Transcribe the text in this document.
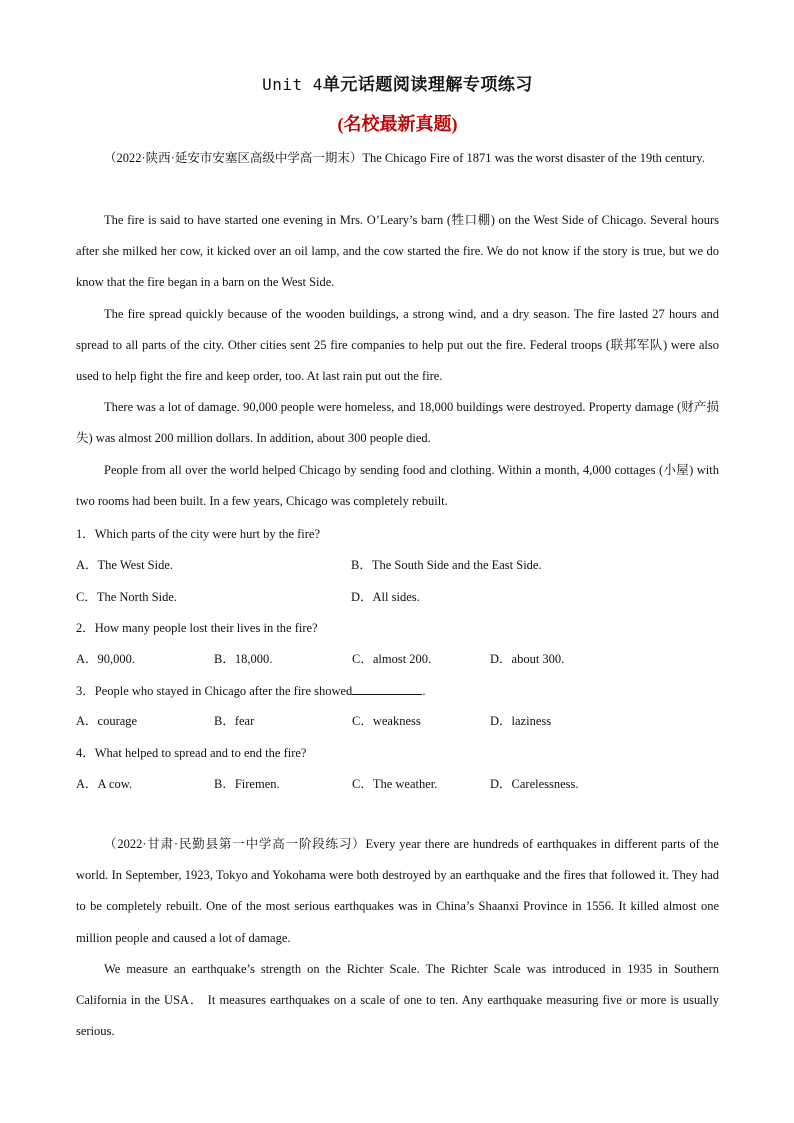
Unit 4单元话题阅读理解专项练习
(名校最新真题)

（2022·陕西·延安市安塞区高级中学高一期末）The Chicago Fire of 1871 was the worst disaster of the 19th century.

The fire is said to have started one evening in Mrs. O’Leary’s barn (牲口棚) on the West Side of Chicago. Several hours after she milked her cow, it kicked over an oil lamp, and the cow started the fire. We do not know if the story is true, but we do know that the fire began in a barn on the West Side.

The fire spread quickly because of the wooden buildings, a strong wind, and a dry season. The fire lasted 27 hours and spread to all parts of the city. Other cities sent 25 fire companies to help put out the fire. Federal troops (联邦军队) were also used to help fight the fire and keep order, too. At last rain put out the fire.

There was a lot of damage. 90,000 people were homeless, and 18,000 buildings were destroyed. Property damage (财产损失) was almost 200 million dollars. In addition, about 300 people died.

People from all over the world helped Chicago by sending food and clothing. Within a month, 4,000 cottages (小屋) with two rooms had been built. In a few years, Chicago was completely rebuilt.

1．Which parts of the city were hurt by the fire?
A．The West Side.	B．The South Side and the East Side.
C．The North Side.	D．All sides.
2．How many people lost their lives in the fire?
A．90,000.	B．18,000.	C．almost 200.	D．about 300.
3．People who stayed in Chicago after the fire showed	.
A．courage	B．fear	C．weakness	D．laziness
4．What helped to spread and to end the fire?
A．A cow.	B．Firemen.	C．The weather.	D．Carelessness.

（2022·甘肃·民勤县第一中学高一阶段练习）Every year there are hundreds of earthquakes in different parts of the world. In September, 1923, Tokyo and Yokohama were both destroyed by an earthquake and the fires that followed it. They had to be completely rebuilt. One of the most serious earthquakes was in China’s Shaanxi Province in 1556. It killed almost one million people and caused a lot of damage.

We measure an earthquake’s strength on the Richter Scale. The Richter Scale was introduced in 1935 in Southern California in the USA． It measures earthquakes on a scale of one to ten. Any earthquake measuring five or more is usually serious.
